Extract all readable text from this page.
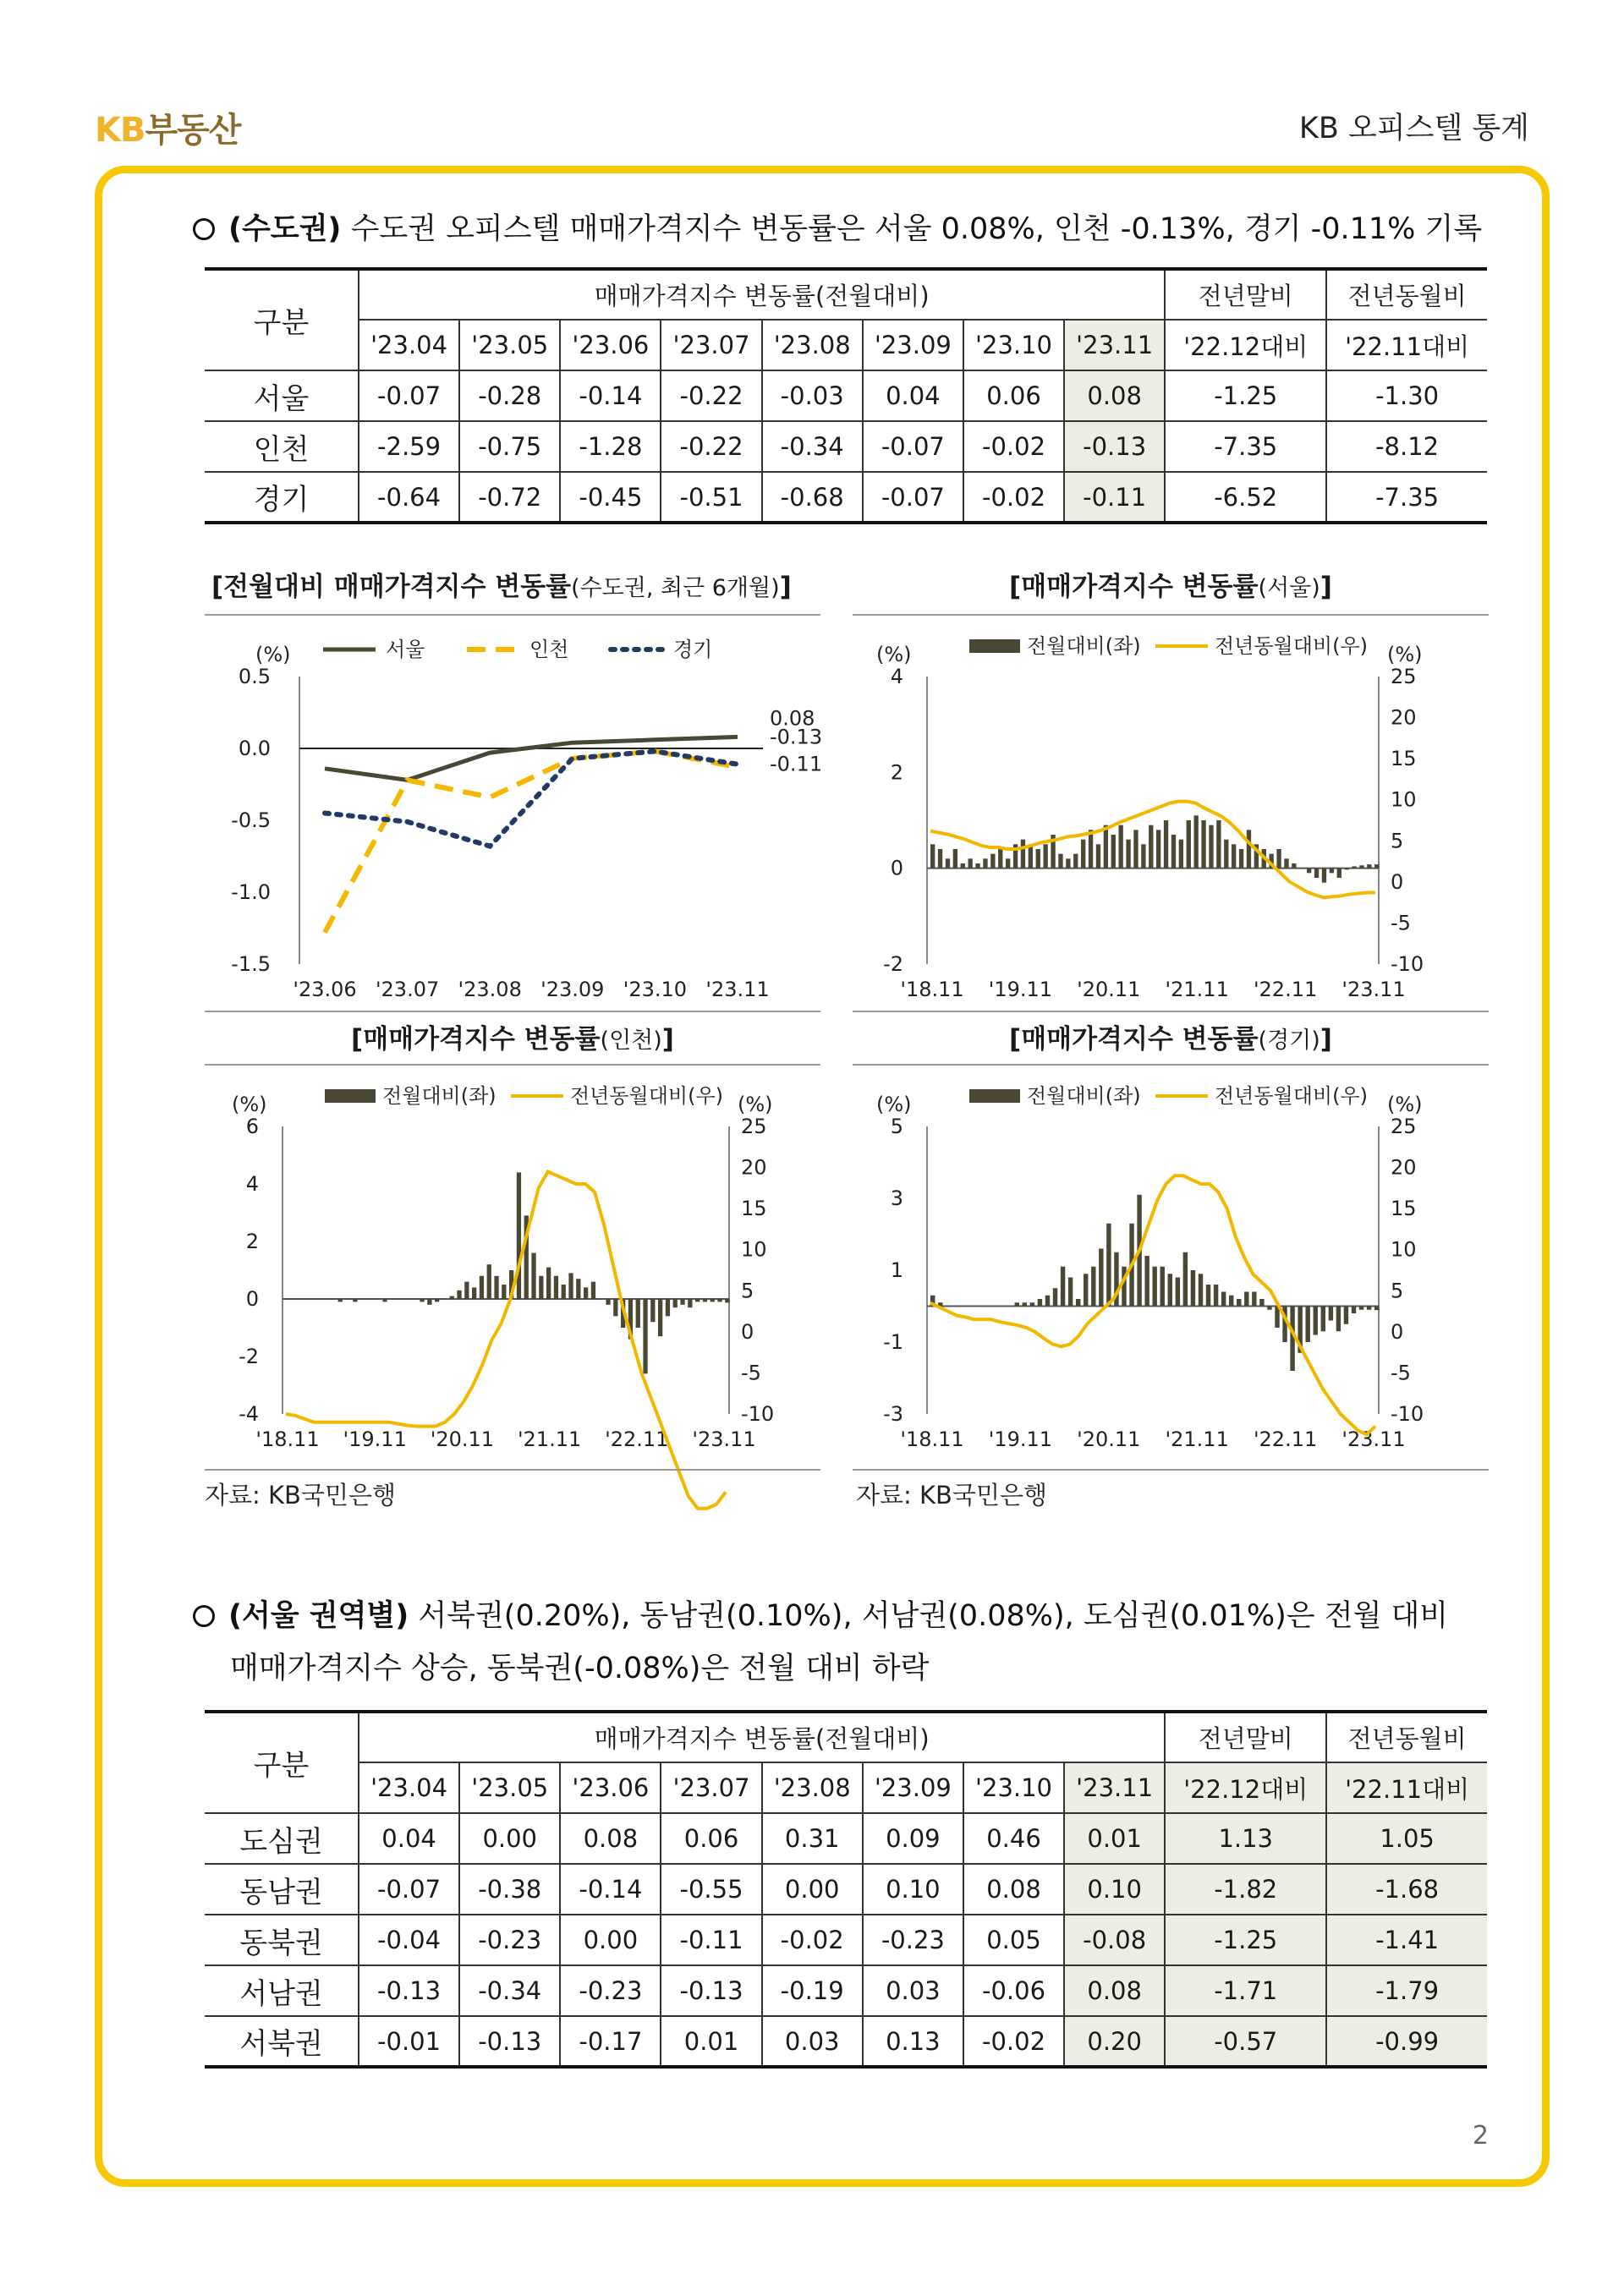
KB부동산	KB 오피스텔 통계
(수도권) 수도권 오피스텔 매매가격지수 변동률은 서울 0.08%, 인천 -0.13%, 경기 -0.11% 기록
구분	매매가격지수 변동률(전월대비)								전년말비	전년동월비
	'23.04	'23.05	'23.06	'23.07	'23.08	'23.09	'23.10	'23.11	'22.12대비	'22.11대비
서울	-0.07	-0.28	-0.14	-0.22	-0.03	0.04	0.06	0.08	-1.25	-1.30
인천	-2.59	-0.75	-1.28	-0.22	-0.34	-0.07	-0.02	-0.13	-7.35	-8.12
경기	-0.64	-0.72	-0.45	-0.51	-0.68	-0.07	-0.02	-0.11	-6.52	-7.35
[전월대비 매매가격지수 변동률(수도권, 최근 6개월)]
(%)
0.5
0.0
-0.5
-1.0
-1.5
'23.06 '23.07 '23.08 '23.09 '23.10 '23.11
서울	인천	경기
0.08
-0.13
-0.11
[매매가격지수 변동률(서울)]
(%)	(%)
4
2
0
-2
25
20
15
10
5
0
-5
-10
'18.11 '19.11 '20.11 '21.11 '22.11 '23.11
전월대비(좌)	전년동월대비(우)
[매매가격지수 변동률(인천)]
(%)	(%)
6
4
2
0
-2
-4
25
20
15
10
5
0
-5
-10
'18.11 '19.11 '20.11 '21.11 '22.11 '23.11
전월대비(좌)	전년동월대비(우)
[매매가격지수 변동률(경기)]
(%)	(%)
5
3
1
-1
-3
25
20
15
10
5
0
-5
-10
'18.11 '19.11 '20.11 '21.11 '22.11 '23.11
전월대비(좌)	전년동월대비(우)
자료: KB국민은행	자료: KB국민은행
(서울 권역별) 서북권(0.20%), 동남권(0.10%), 서남권(0.08%), 도심권(0.01%)은 전월 대비
매매가격지수 상승, 동북권(-0.08%)은 전월 대비 하락
구분	매매가격지수 변동률(전월대비)								전년말비	전년동월비
	'23.04	'23.05	'23.06	'23.07	'23.08	'23.09	'23.10	'23.11	'22.12대비	'22.11대비
도심권	0.04	0.00	0.08	0.06	0.31	0.09	0.46	0.01	1.13	1.05
동남권	-0.07	-0.38	-0.14	-0.55	0.00	0.10	0.08	0.10	-1.82	-1.68
동북권	-0.04	-0.23	0.00	-0.11	-0.02	-0.23	0.05	-0.08	-1.25	-1.41
서남권	-0.13	-0.34	-0.23	-0.13	-0.19	0.03	-0.06	0.08	-1.71	-1.79
서북권	-0.01	-0.13	-0.17	0.01	0.03	0.13	-0.02	0.20	-0.57	-0.99
2
